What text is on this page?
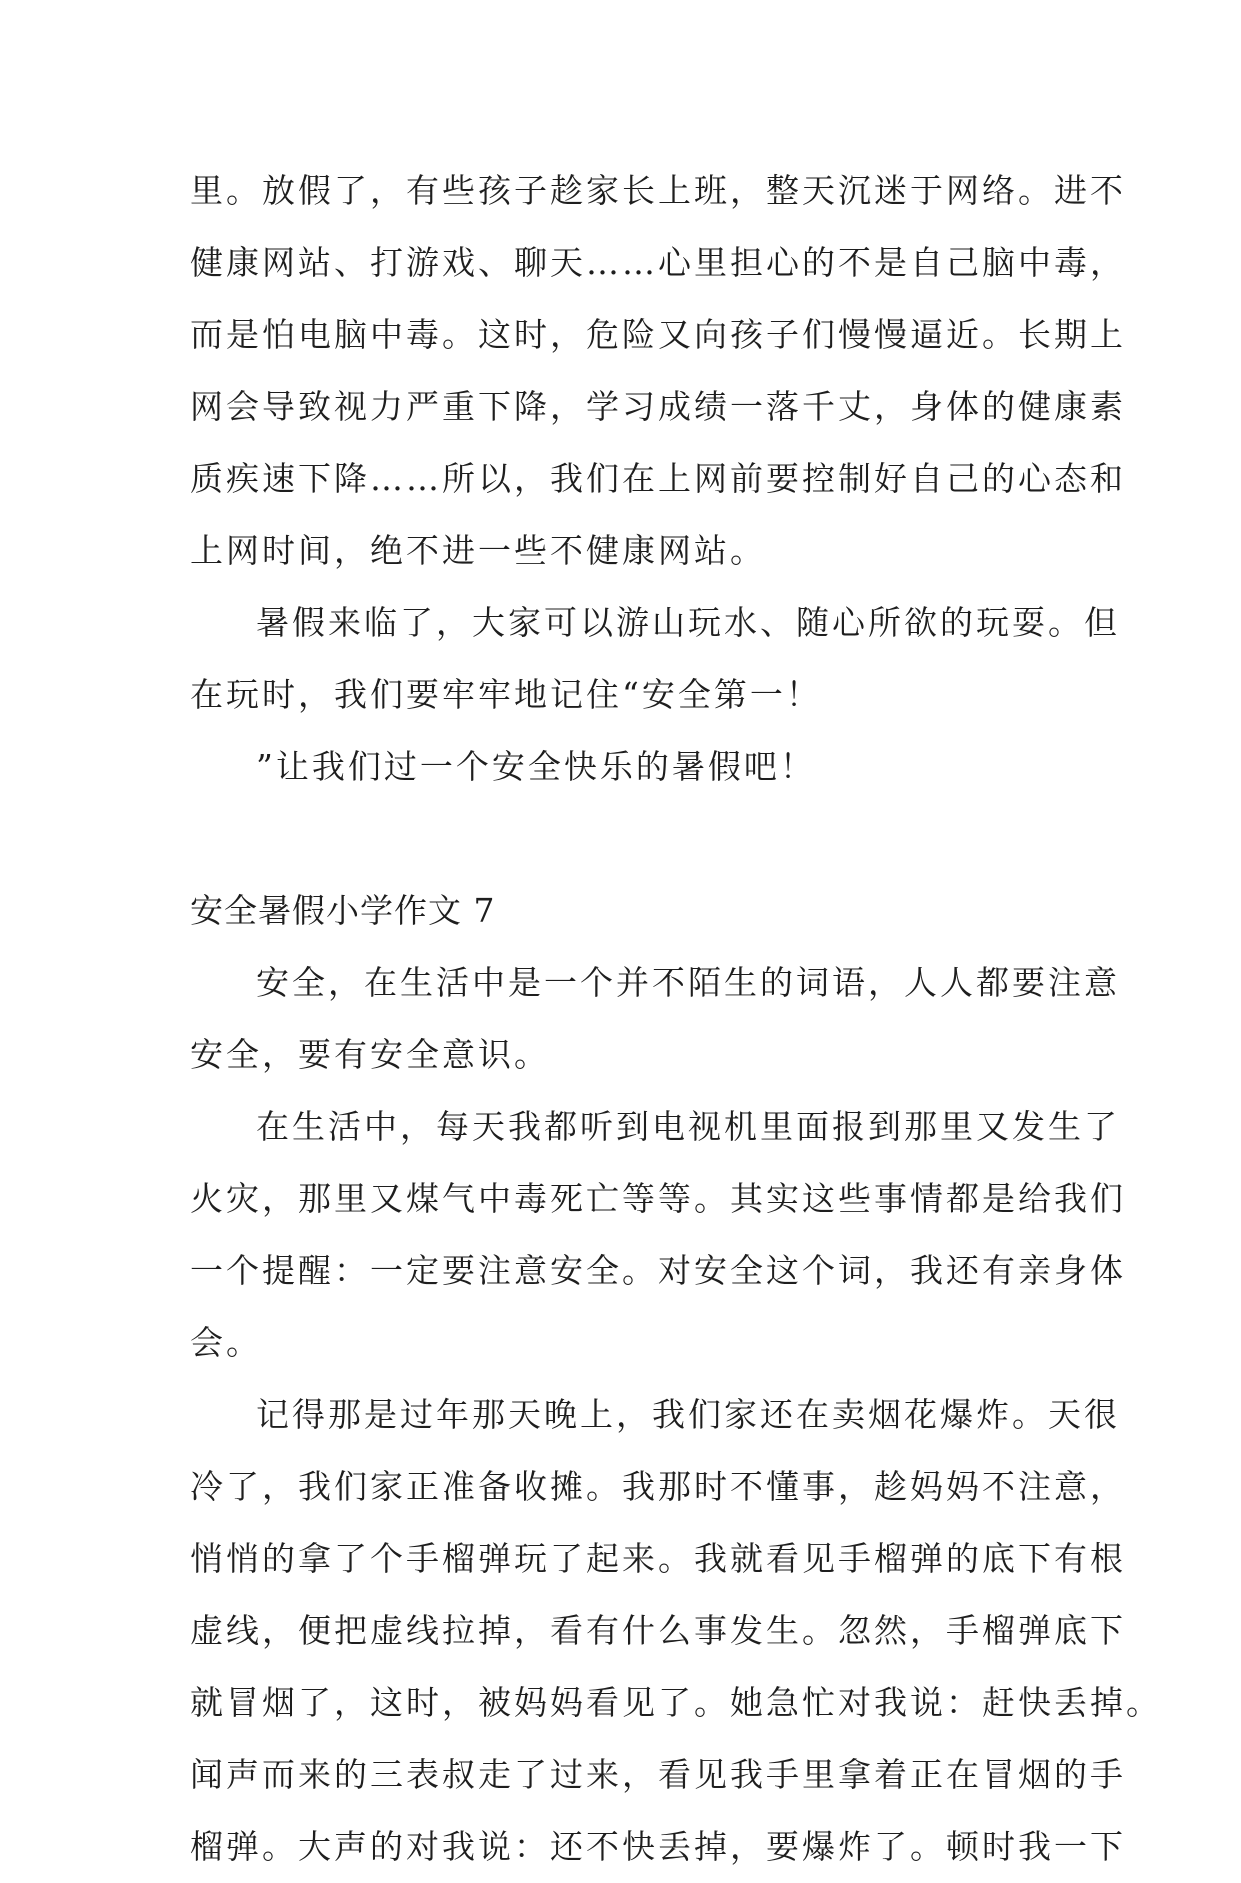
里。放假了，有些孩子趁家长上班，整天沉迷于网络。进不
健康网站、打游戏、聊天……心里担心的不是自己脑中毒，
而是怕电脑中毒。这时，危险又向孩子们慢慢逼近。长期上
网会导致视力严重下降，学习成绩一落千丈，身体的健康素
质疾速下降……所以，我们在上网前要控制好自己的心态和
上网时间，绝不进一些不健康网站。
暑假来临了，大家可以游山玩水、随心所欲的玩耍。但
在玩时，我们要牢牢地记住“安全第一！
”让我们过一个安全快乐的暑假吧！
安全暑假小学作文 7
安全，在生活中是一个并不陌生的词语，人人都要注意
安全，要有安全意识。
在生活中，每天我都听到电视机里面报到那里又发生了
火灾，那里又煤气中毒死亡等等。其实这些事情都是给我们
一个提醒：一定要注意安全。对安全这个词，我还有亲身体
会。
记得那是过年那天晚上，我们家还在卖烟花爆炸。天很
冷了，我们家正准备收摊。我那时不懂事，趁妈妈不注意，
悄悄的拿了个手榴弹玩了起来。我就看见手榴弹的底下有根
虚线，便把虚线拉掉，看有什么事发生。忽然，手榴弹底下
就冒烟了，这时，被妈妈看见了。她急忙对我说：赶快丢掉。
闻声而来的三表叔走了过来，看见我手里拿着正在冒烟的手
榴弹。大声的对我说：还不快丢掉，要爆炸了。顿时我一下
